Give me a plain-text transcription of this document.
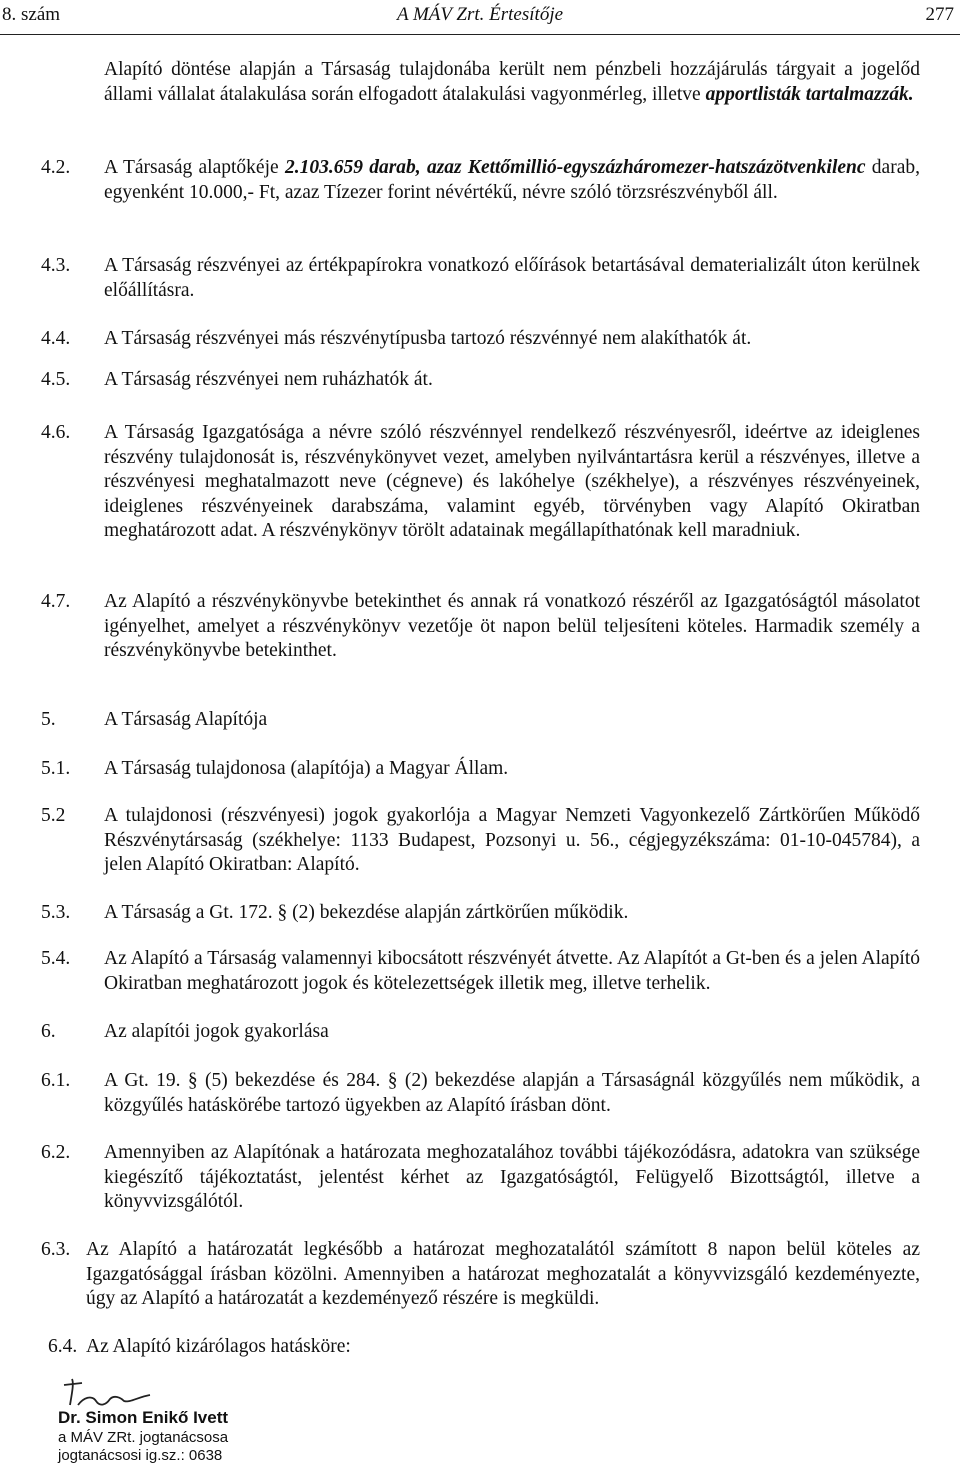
8. szám	A MÁV Zrt. Értesítője	277
Alapító döntése alapján a Társaság tulajdonába került nem pénzbeli hozzájárulás tárgyait a jogelőd állami vállalat átalakulása során elfogadott átalakulási vagyonmérleg, illetve apportlisták tartalmazzák.
4.2. A Társaság alaptőkéje 2.103.659 darab, azaz Kettőmillió-egyszázháromezer-hatszázötvenkilenc darab, egyenként 10.000,- Ft, azaz Tízezer forint névértékű, névre szóló törzsrészvényből áll.
4.3. A Társaság részvényei az értékpapírokra vonatkozó előírások betartásával dematerializált úton kerülnek előállításra.
4.4. A Társaság részvényei más részvénytípusba tartozó részvénnyé nem alakíthatók át.
4.5. A Társaság részvényei nem ruházhatók át.
4.6. A Társaság Igazgatósága a névre szóló részvénnyel rendelkező részvényesről, ideértve az ideiglenes részvény tulajdonosát is, részvénykönyvet vezet, amelyben nyilvántartásra kerül a részvényes, illetve a részvényesi meghatalmazott neve (cégneve) és lakóhelye (székhelye), a részvényes részvényeinek, ideiglenes részvényeinek darabszáma, valamint egyéb, törvényben vagy Alapító Okiratban meghatározott adat. A részvénykönyv törölt adatainak megállapíthatónak kell maradniuk.
4.7. Az Alapító a részvénykönyvbe betekinthet és annak rá vonatkozó részéről az Igazgatóságtól másolatot igényelhet, amelyet a részvénykönyv vezetője öt napon belül teljesíteni köteles. Harmadik személy a részvénykönyvbe betekinthet.
5. A Társaság Alapítója
5.1. A Társaság tulajdonosa (alapítója) a Magyar Állam.
5.2 A tulajdonosi (részvényesi) jogok gyakorlója a Magyar Nemzeti Vagyonkezelő Zártkörűen Működő Részvénytársaság (székhelye: 1133 Budapest, Pozsonyi u. 56., cégjegyzékszáma: 01-10-045784), a jelen Alapító Okiratban: Alapító.
5.3. A Társaság a Gt. 172. § (2) bekezdése alapján zártkörűen működik.
5.4. Az Alapító a Társaság valamennyi kibocsátott részvényét átvette. Az Alapítót a Gt-ben és a jelen Alapító Okiratban meghatározott jogok és kötelezettségek illetik meg, illetve terhelik.
6. Az alapítói jogok gyakorlása
6.1. A Gt. 19. § (5) bekezdése és 284. § (2) bekezdése alapján a Társaságnál közgyűlés nem működik, a közgyűlés hatáskörébe tartozó ügyekben az Alapító írásban dönt.
6.2. Amennyiben az Alapítónak a határozata meghozatalához további tájékozódásra, adatokra van szüksége kiegészítő tájékoztatást, jelentést kérhet az Igazgatóságtól, Felügyelő Bizottságtól, illetve a könyvvizsgálótól.
6.3. Az Alapító a határozatát legkésőbb a határozat meghozatalától számított 8 napon belül köteles az Igazgatósággal írásban közölni. Amennyiben a határozat meghozatalát a könyvvizsgáló kezdeményezte, úgy az Alapító a határozatát a kezdeményező részére is megküldi.
6.4. Az Alapító kizárólagos hatásköre:
Dr. Simon Enikő Ivett
a MÁV ZRt. jogtanácsosa
jogtanácsosi ig.sz.: 0638
